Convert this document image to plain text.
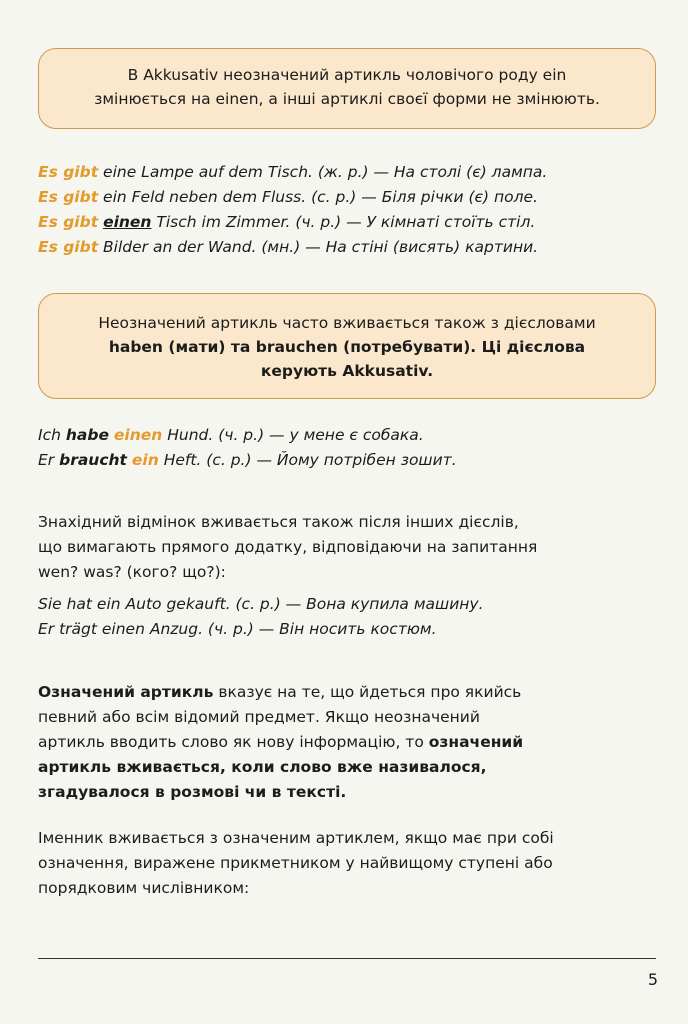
В Akkusativ неозначений артикль чоловічого роду ein

змінюється на einen, а інші артиклі своєї форми не змінюють.

Es gibt eine Lampe auf dem Tisch. (ж. р.) — На столі (є) лампа.
Es gibt ein Feld neben dem Fluss. (с. р.) — Біля річки (є) поле.
Es gibt einen Tisch im Zimmer. (ч. р.) — У кімнаті стоїть стіл.
Es gibt Bilder an der Wand. (мн.) — На стіні (висять) картини.

Неозначений артикль часто вживається також з дієсловами

haben (мати) та brauchen (потребувати). Ці дієслова

керують Akkusativ.

Ich habe einen Hund. (ч. р.) — у мене є собака.
Er braucht ein Heft. (с. р.) — Йому потрібен зошит.
Знахідний відмінок вживається також після інших дієслів,
що вимагають прямого додатку, відповідаючи на запитання
wen? was? (кого? що?):
Sie hat ein Auto gekauft. (с. р.) — Вона купила машину.
Er trägt einen Anzug. (ч. р.) — Він носить костюм.
Означений артикль вказує на те, що йдеться про якийсь
певний або всім відомий предмет. Якщо неозначений
артикль вводить слово як нову інформацію, то означений
артикль вживається, коли слово вже називалося,
згадувалося в розмові чи в тексті.
Іменник вживається з означеним артиклем, якщо має при собі
означення, виражене прикметником у найвищому ступені або
порядковим числівником:
5
